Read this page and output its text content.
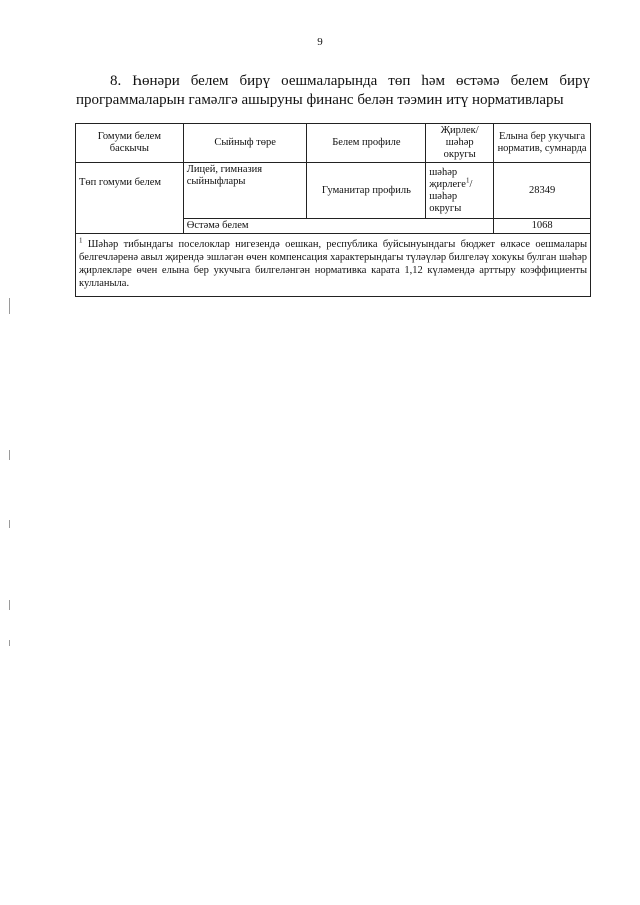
9
8. Һөнәри белем бирү оешмаларында төп һәм өстәмә белем бирү
программаларын гамәлгә ашыруны финанс белән тәэмин итү нормативлары
Гомуми белем баскычы	Сыйныф төре	Белем профиле	Җирлек/ шәһәр округы	Елына бер укучыга норматив, сумнарда
Төп гомуми белем	Лицей, гимназия сыйныфлары	Гуманитар профиль	шәһәр җирлеге$^1$/ шәһәр округы	28349
	Өстәмә белем			1068
$^1$ Шәһәр тибындагы поселоклар нигезендә оешкан, республика буйсынуындагы бюджет өлкәсе оешмалары белгечләренә авыл җирендә эшләгән өчен компенсация характерындагы түләүләр билгеләү хокукы булган шәһәр җирлекләре өчен елына бер укучыга билгеләнгән нормативка карата 1,12 күләмендә арттыру коэффициенты кулланыла.				
